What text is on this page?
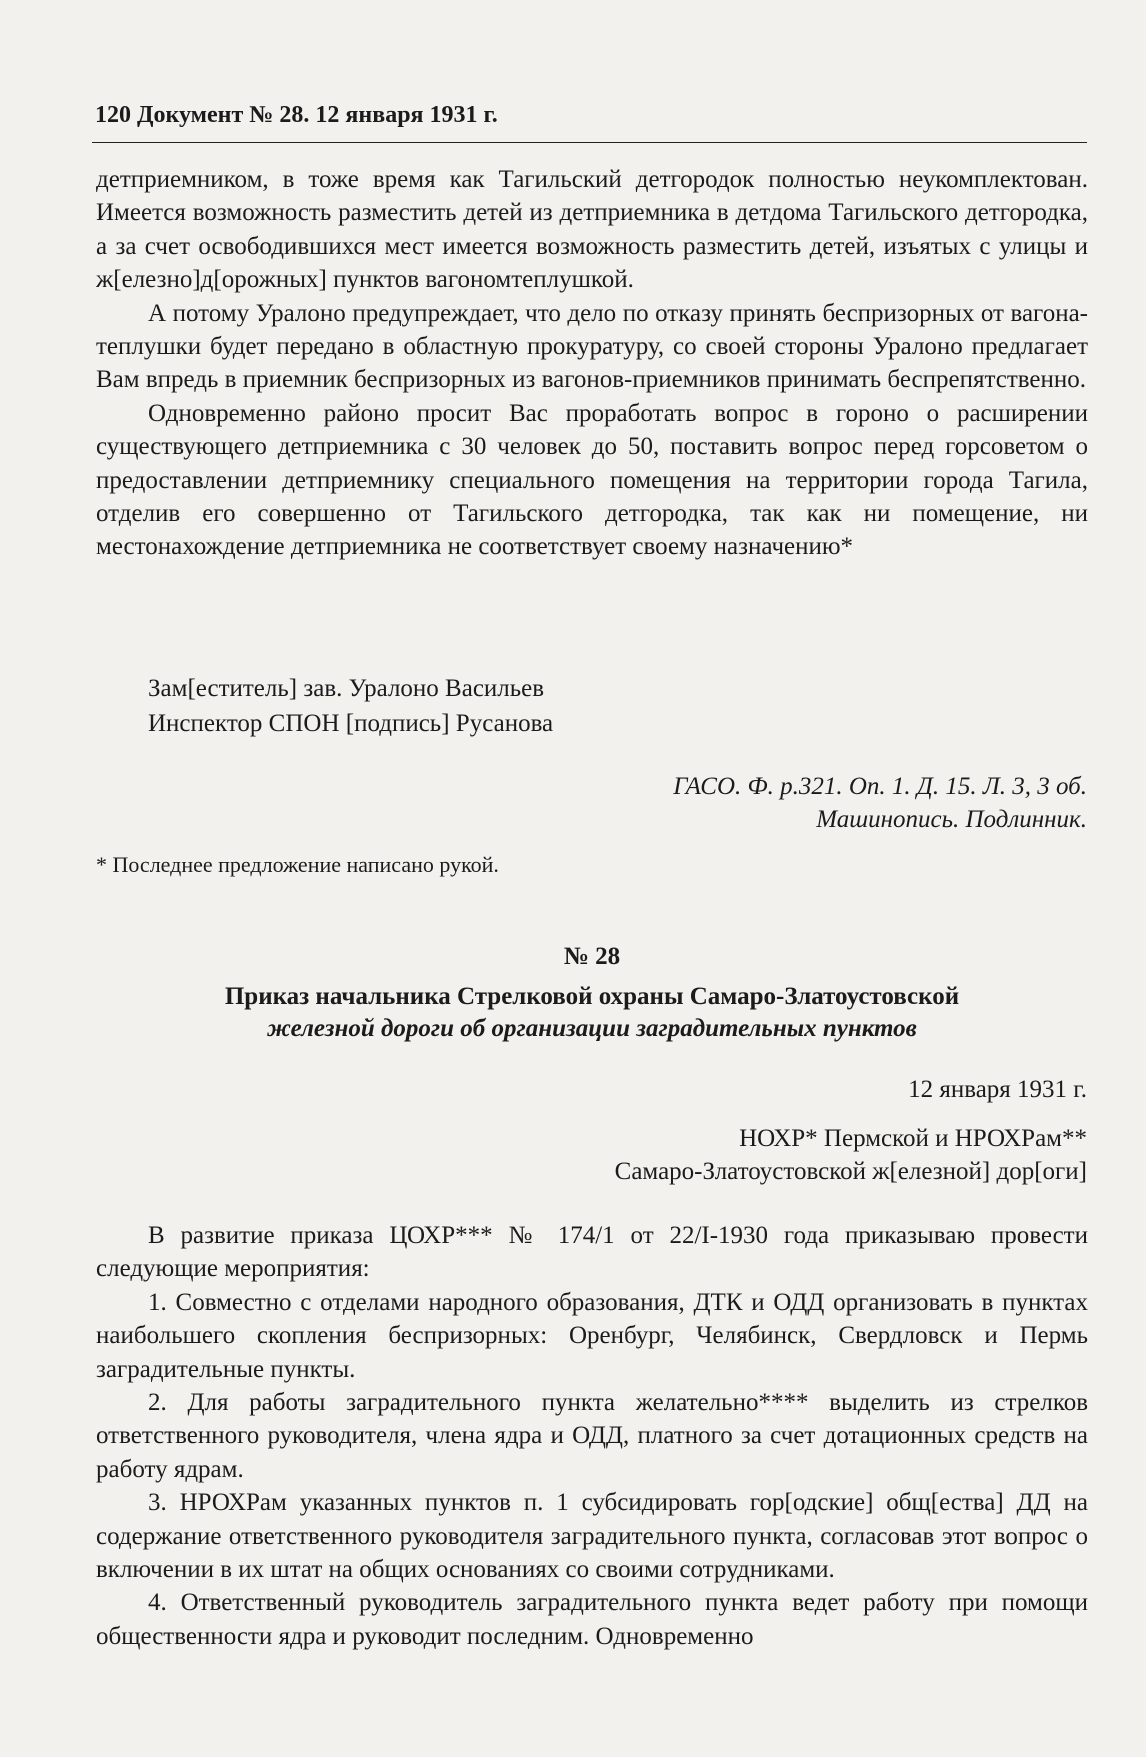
120 Документ № 28. 12 января 1931 г.

детприемником, в тоже время как Тагильский детгородок полностью неукомплектован. Имеется возможность разместить детей из детприемника в детдома Тагильского детгородка, а за счет освободившихся мест имеется возможность разместить детей, изъятых с улицы и ж[елезно]д[орожных] пунктов вагономтеплушкой.

А потому Уралоно предупреждает, что дело по отказу принять беспризорных от вагона-теплушки будет передано в областную прокуратуру, со своей стороны Уралоно предлагает Вам впредь в приемник беспризорных из вагонов-приемников принимать беспрепятственно.

Одновременно районо просит Вас проработать вопрос в гороно о расширении существующего детприемника с 30 человек до 50, поставить вопрос перед горсоветом о предоставлении детприемнику специального помещения на территории города Тагила, отделив его совершенно от Тагильского детгородка, так как ни помещение, ни местонахождение детприемника не соответствует своему назначению*

Зам[еститель] зав. Уралоно Васильев
Инспектор СПОН [подпись] Русанова
ГАСО. Ф. р.321. Оп. 1. Д. 15. Л. 3, 3 об.
Машинопись. Подлинник.
* Последнее предложение написано рукой.
№ 28
Приказ начальника Стрелковой охраны Самаро-Златоустовской
железной дороги об организации заградительных пунктов
12 января 1931 г.
НОХР* Пермской и НРОХРам**
Самаро-Златоустовской ж[елезной] дор[оги]

В развитие приказа ЦОХР*** № 174/1 от 22/I-1930 года приказываю провести следующие мероприятия:

1. Совместно с отделами народного образования, ДТК и ОДД организовать в пунктах наибольшего скопления беспризорных: Оренбург, Челябинск, Свердловск и Пермь заградительные пункты.

2. Для работы заградительного пункта желательно**** выделить из стрелков ответственного руководителя, члена ядра и ОДД, платного за счет дотационных средств на работу ядрам.

3. НРОХРам указанных пунктов п. 1 субсидировать гор[одские] общ[ества] ДД на содержание ответственного руководителя заградительного пункта, согласовав этот вопрос о включении в их штат на общих основаниях со своими сотрудниками.

4. Ответственный руководитель заградительного пункта ведет работу при помощи общественности ядра и руководит последним. Одновременно
